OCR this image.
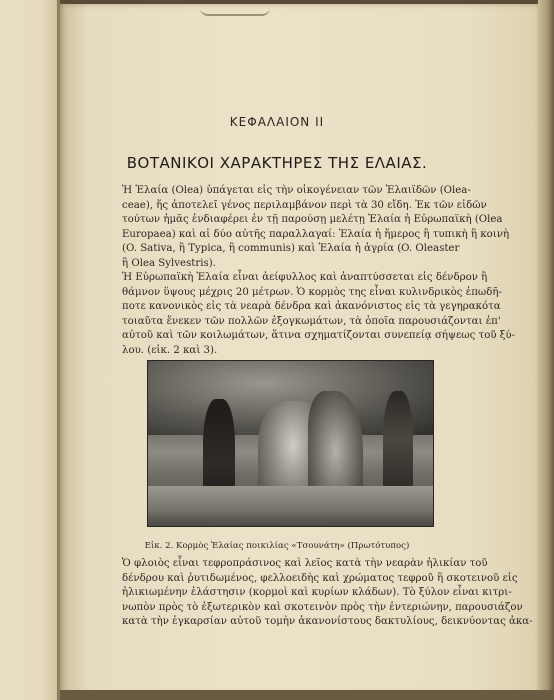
ΚΕΦΑΛΑΙΟΝ ΙΙ
ΒΟΤΑΝΙΚΟΙ ΧΑΡΑΚΤΗΡΕΣ ΤΗΣ ΕΛΑΙΑΣ.
Ἡ Ἐλαία (Olea) ὑπάγεται εἰς τὴν οἰκογένειαν τῶν Ἐλαιϊδῶν (Olea-
ceae), ἥς ἀποτελεῖ γένος περιλαμβάνον περὶ τὰ 30 εἴδη. Ἐκ τῶν εἰδῶν
τούτων ἡμᾶς ἐνδιαφέρει ἐν τῇ παρούσῃ μελέτῃ Ἐλαία ἡ Εὐρωπαϊκὴ (Olea
Europaea) καὶ αἱ δύο αὐτῆς παραλλαγαί: Ἐλαία ἡ ἥμερος ἢ τυπικὴ ἢ κοινὴ
(O. Sativa, ἢ Typica, ἢ communis) καὶ Ἐλαία ἡ ἀγρία (O. Oleaster
ἢ Olea Sylvestris).
Ἡ Εὐρωπαϊκὴ Ἐλαία εἶναι ἀείφυλλος καὶ ἀναπτύσσεται εἰς δένδρον ἢ
θάμνον ὕψους μέχρις 20 μέτρων. Ὁ κορμὸς της εἶναι κυλινδρικὸς ἐπωδῆ-
ποτε κανονικὸς εἰς τὰ νεαρὰ δένδρα καὶ ἀκανόνιστος εἰς τὰ γεγηρακότα
τοιαῦτα ἕνεκεν τῶν πολλῶν ἐξογκωμάτων, τὰ ὁποῖα παρουσιάζονται ἐπ'
αὐτοῦ καὶ τῶν κοιλωμάτων, ἅτινα σχηματίζονται συνεπείᾳ σήψεως τοῦ ξύ-
λου. (εἰκ. 2 καὶ 3).
Εἰκ. 2. Κορμὸς Ἐλαίας ποικιλίας «Τσουνάτη» (Πρωτότυπος)
Ὁ φλοιὸς εἶναι τεφροπράσινος καὶ λεῖος κατὰ τὴν νεαρὰν ἡλικίαν τοῦ
δένδρου καὶ ῥυτιδωμένος, φελλοειδὴς καὶ χρώματος τεφροῦ ἢ σκοτεινοῦ εἰς
ἡλικιωμένην ἐλάστησιν (κορμοὶ καὶ κυρίων κλάδων). Τὸ ξύλον εἶναι κιτρι-
νωπὸν πρὸς τὸ ἐξωτερικὸν καὶ σκοτεινὸν πρὸς τὴν ἐντεριώνην, παρουσιάζον
κατὰ τὴν ἐγκαρσίαν αὐτοῦ τομὴν ἀκανονίστους δακτυλίους, δεικνύοντας ἀκα-
